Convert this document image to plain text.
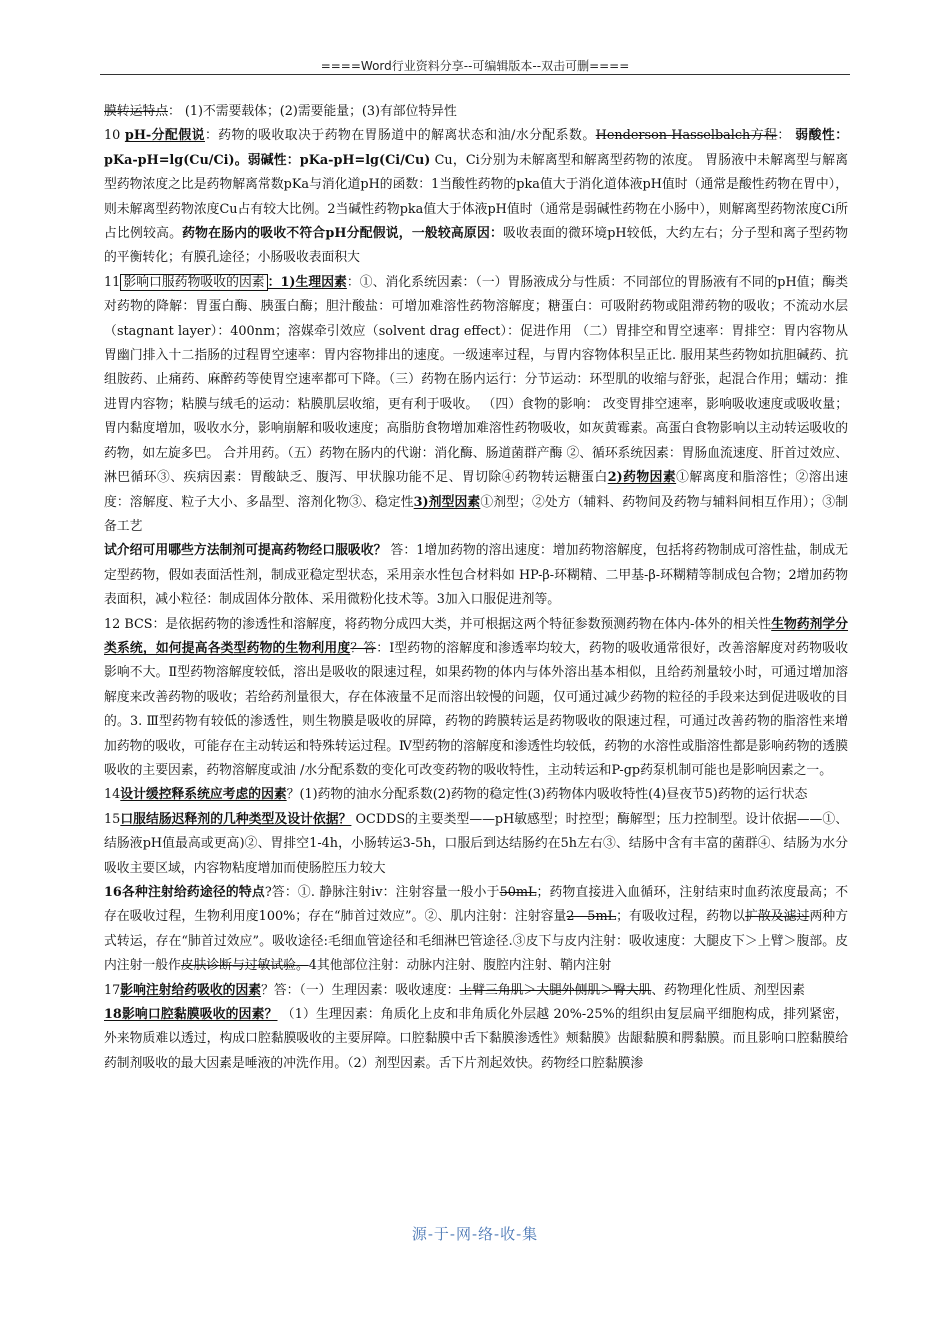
====Word行业资料分享--可编辑版本--双击可删====

膜转运特点： (1)不需要载体；(2)需要能量；(3)有部位特异性

10 pH-分配假说：药物的吸收取决于药物在胃肠道中的解离状态和油/水分配系数。Henderson-Hasselbalch方程： 弱酸性：pKa-pH=lg(Cu/Ci)。弱碱性：pKa-pH=lg(Ci/Cu) Cu，Ci分别为未解离型和解离型药物的浓度。 胃肠液中未解离型与解离型药物浓度之比是药物解离常数pKa与消化道pH的函数：1当酸性药物的pka值大于消化道体液pH值时（通常是酸性药物在胃中），则未解离型药物浓度Cu占有较大比例。2当碱性药物pka值大于体液pH值时（通常是弱碱性药物在小肠中），则解离型药物浓度Ci所占比例较高。药物在肠内的吸收不符合pH分配假说，一般较高原因：吸收表面的微环境pH较低，大约左右；分子型和离子型药物的平衡转化；有膜孔途径；小肠吸收表面积大

11 影响口服药物吸收的因素 ：1)生理因素：①、消化系统因素：（一）胃肠液成分与性质：不同部位的胃肠液有不同的pH值；酶类对药物的降解：胃蛋白酶、胰蛋白酶；胆汁酸盐：可增加难溶性药物溶解度；糖蛋白：可吸附药物或阻滞药物的吸收；不流动水层（stagnant layer）：400nm；溶媒牵引效应（solvent drag effect）：促进作用 （二）胃排空和胃空速率：胃排空：胃内容物从胃幽门排入十二指肠的过程胃空速率：胃内容物排出的速度。一级速率过程，与胃内容物体积呈正比. 服用某些药物如抗胆碱药、抗组胺药、止痛药、麻醉药等使胃空速率都可下降。（三）药物在肠内运行：分节运动：环型肌的收缩与舒张，起混合作用；蠕动：推进胃内容物；粘膜与绒毛的运动：粘膜肌层收缩，更有利于吸收。 （四）食物的影响： 改变胃排空速率，影响吸收速度或吸收量；胃内黏度增加，吸收水分，影响崩解和吸收速度；高脂肪食物增加难溶性药物吸收，如灰黄霉素。高蛋白食物影响以主动转运吸收的药物，如左旋多巴。 合并用药。（五）药物在肠内的代谢：消化酶、肠道菌群产酶 ②、循环系统因素：胃肠血流速度、肝首过效应、淋巴循环③、疾病因素：胃酸缺乏、腹泻、甲状腺功能不足、胃切除④药物转运糖蛋白2)药物因素①解离度和脂溶性；②溶出速度：溶解度、粒子大小、多晶型、溶剂化物③、稳定性3)剂型因素①剂型；②处方（辅料、药物间及药物与辅料间相互作用）；③制备工艺

试介绍可用哪些方法制剂可提高药物经口服吸收？ 答：1增加药物的溶出速度：增加药物溶解度，包括将药物制成可溶性盐，制成无定型药物，假如表面活性剂，制成亚稳定型状态，采用亲水性包合材料如 HP-β-环糊精、二甲基-β-环糊精等制成包合物；2增加药物表面积，减小粒径：制成固体分散体、采用微粉化技术等。3加入口服促进剂等。

12 BCS：是依据药物的渗透性和溶解度，将药物分成四大类，并可根据这两个特征参数预测药物在体内-体外的相关性生物药剂学分类系统，如何提高各类型药物的生物利用度？答：Ⅰ型药物的溶解度和渗透率均较大，药物的吸收通常很好，改善溶解度对药物吸收影响不大。Ⅱ型药物溶解度较低，溶出是吸收的限速过程，如果药物的体内与体外溶出基本相似，且给药剂量较小时，可通过增加溶解度来改善药物的吸收；若给药剂量很大，存在体液量不足而溶出较慢的问题，仅可通过减少药物的粒径的手段来达到促进吸收的目的。3. Ⅲ型药物有较低的渗透性，则生物膜是吸收的屏障，药物的跨膜转运是药物吸收的限速过程，可通过改善药物的脂溶性来增加药物的吸收，可能存在主动转运和特殊转运过程。Ⅳ型药物的溶解度和渗透性均较低，药物的水溶性或脂溶性都是影响药物的透膜吸收的主要因素，药物溶解度或油 /水分配系数的变化可改变药物的吸收特性，主动转运和P-gp药泵机制可能也是影响因素之一。

14设计缓控释系统应考虑的因素？(1)药物的油水分配系数(2)药物的稳定性(3)药物体内吸收特性(4)昼夜节5)药物的运行状态

15口服结肠迟释剂的几种类型及设计依据？ OCDDS的主要类型——pH敏感型；时控型；酶解型；压力控制型。设计依据——①、结肠液pH值最高或更高)②、胃排空1-4h，小肠转运3-5h，口服后到达结肠约在5h左右③、结肠中含有丰富的菌群④、结肠为水分吸收主要区域，内容物粘度增加而使肠腔压力较大

16各种注射给药途径的特点?答：①. 静脉注射iv：注射容量一般小于50mL；药物直接进入血循环，注射结束时血药浓度最高；不存在吸收过程，生物利用度100%；存在“肺首过效应”。②、肌内注射：注射容量2—5mL；有吸收过程，药物以扩散及滤过两种方式转运，存在“肺首过效应”。吸收途径:毛细血管途径和毛细淋巴管途径.③皮下与皮内注射：吸收速度：大腿皮下＞上臂＞腹部。皮内注射一般作皮肤诊断与过敏试验。4其他部位注射：动脉内注射、腹腔内注射、鞘内注射

17影响注射给药吸收的因素？答：（一）生理因素：吸收速度：上臂三角肌＞大腿外侧肌＞臀大肌、药物理化性质、剂型因素

18影响口腔黏膜吸收的因素？ （1）生理因素：角质化上皮和非角质化外层越 20%-25%的组织由复层扁平细胞构成，排列紧密，外来物质难以透过，构成口腔黏膜吸收的主要屏障。口腔黏膜中舌下黏膜渗透性》颊黏膜》齿龈黏膜和腭黏膜。而且影响口腔黏膜给药制剂吸收的最大因素是唾液的冲洗作用。（2）剂型因素。舌下片剂起效快。药物经口腔黏膜渗

源-于-网-络-收-集
